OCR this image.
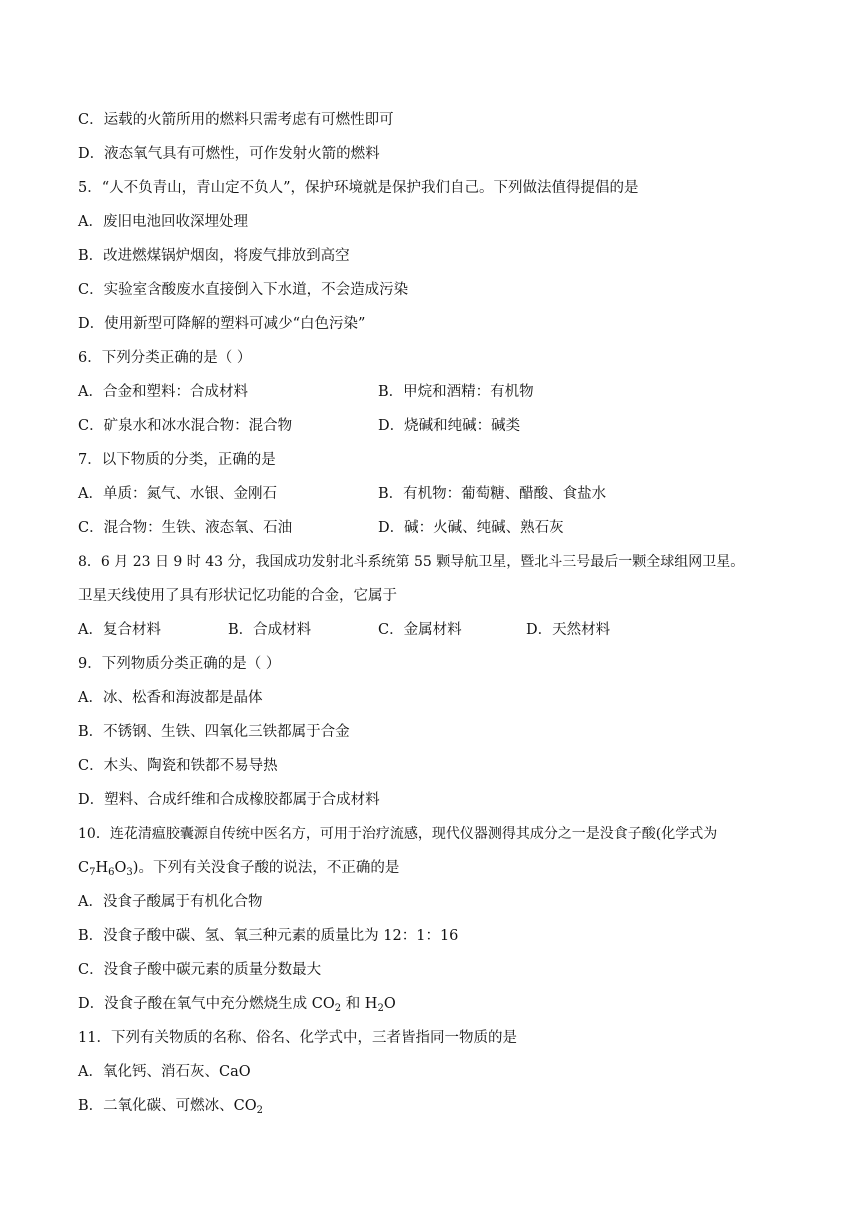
C．运载的火箭所用的燃料只需考虑有可燃性即可
D．液态氧气具有可燃性，可作发射火箭的燃料
5．“人不负青山，青山定不负人”，保护环境就是保护我们自己。下列做法值得提倡的是
A．废旧电池回收深埋处理
B．改进燃煤锅炉烟囱，将废气排放到高空
C．实验室含酸废水直接倒入下水道，不会造成污染
D．使用新型可降解的塑料可减少“白色污染”
6．下列分类正确的是（ ）
A．合金和塑料：合成材料	B．甲烷和酒精：有机物
C．矿泉水和冰水混合物：混合物	D．烧碱和纯碱：碱类
7．以下物质的分类，正确的是
A．单质：氮气、水银、金刚石	B．有机物：葡萄糖、醋酸、食盐水
C．混合物：生铁、液态氧、石油	D．碱：火碱、纯碱、熟石灰
8．6 月 23 日 9 时 43 分，我国成功发射北斗系统第 55 颗导航卫星，暨北斗三号最后一颗全球组网卫星。
卫星天线使用了具有形状记忆功能的合金，它属于
A．复合材料	B．合成材料	C．金属材料	D．天然材料
9．下列物质分类正确的是（ ）
A．冰、松香和海波都是晶体
B．不锈钢、生铁、四氧化三铁都属于合金
C．木头、陶瓷和铁都不易导热
D．塑料、合成纤维和合成橡胶都属于合成材料
10．连花清瘟胶囊源自传统中医名方，可用于治疗流感，现代仪器测得其成分之一是没食子酸(化学式为
$C_7H_6O_3$)。下列有关没食子酸的说法，不正确的是
A．没食子酸属于有机化合物
B．没食子酸中碳、氢、氧三种元素的质量比为 12：1：16
C．没食子酸中碳元素的质量分数最大
D．没食子酸在氧气中充分燃烧生成 $CO_2$ 和 $H_2O$
11．下列有关物质的名称、俗名、化学式中，三者皆指同一物质的是
A．氧化钙、消石灰、CaO
B．二氧化碳、可燃冰、$CO_2$
